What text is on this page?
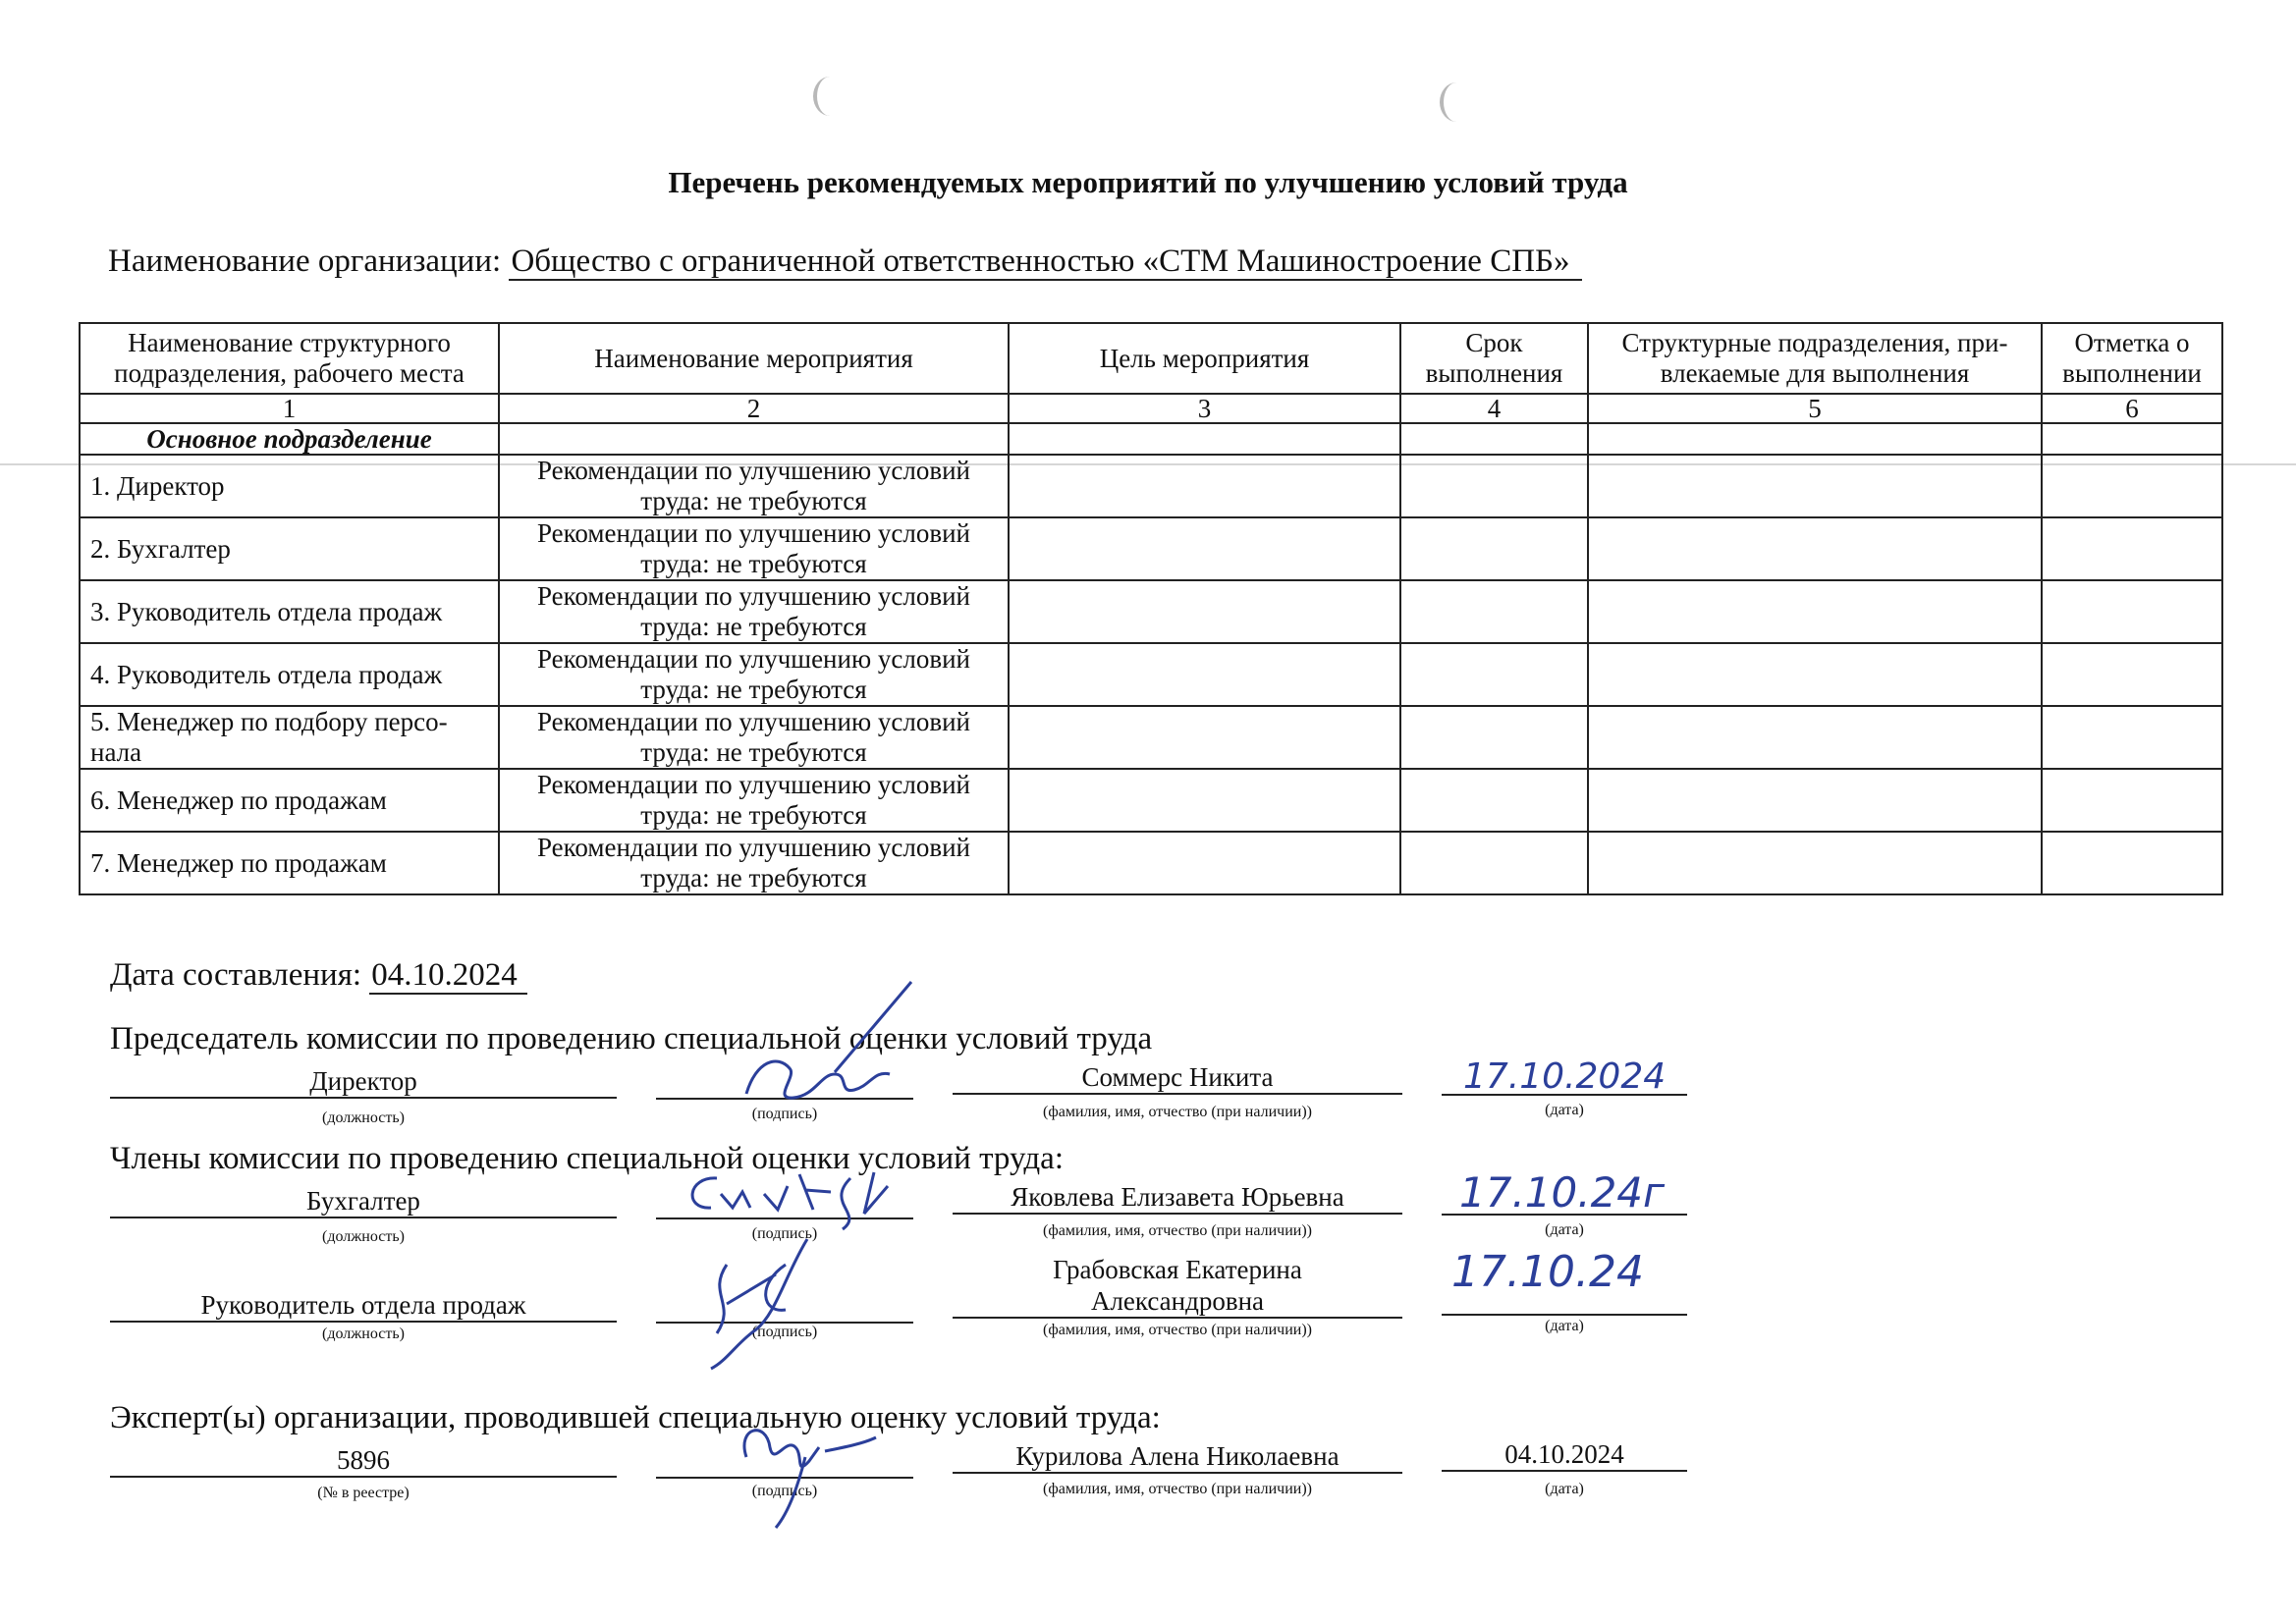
Перечень рекомендуемых мероприятий по улучшению условий труда
Наименование организации: Общество с ограниченной ответственностью «СТМ Машиностроение СПБ»
Наименование структурного подразделения, рабочего места	Наименование мероприятия	Цель мероприятия	Срок выполнения	Структурные подразделения, при-влекаемые для выполнения	Отметка о выполнении
1	2	3	4	5	6
Основное подразделение					
1. Директор	Рекомендации по улучшению условий труда: не требуются				
2. Бухгалтер	Рекомендации по улучшению условий труда: не требуются				
3. Руководитель отдела продаж	Рекомендации по улучшению условий труда: не требуются				
4. Руководитель отдела продаж	Рекомендации по улучшению условий труда: не требуются				
5. Менеджер по подбору персо-нала	Рекомендации по улучшению условий труда: не требуются				
6. Менеджер по продажам	Рекомендации по улучшению условий труда: не требуются				
7. Менеджер по продажам	Рекомендации по улучшению условий труда: не требуются				
Дата составления: 04.10.2024
Председатель комиссии по проведению специальной оценки условий труда
Директор
(должность)	(подпись)
Соммерс Никита
(фамилия, имя, отчество (при наличии))
17.10.2024
(дата)
Члены комиссии по проведению специальной оценки условий труда:
Бухгалтер
(должность)	(подпись)
Яковлева Елизавета Юрьевна
(фамилия, имя, отчество (при наличии))
17.10.24г
(дата)
Руководитель отдела продаж
(должность)	(подпись)
Грабовская Екатерина
Александровна
(фамилия, имя, отчество (при наличии))
17.10.24
(дата)
Эксперт(ы) организации, проводившей специальную оценку условий труда:
5896
(№ в реестре)	(подпись)
Курилова Алена Николаевна
(фамилия, имя, отчество (при наличии))
04.10.2024
(дата)
